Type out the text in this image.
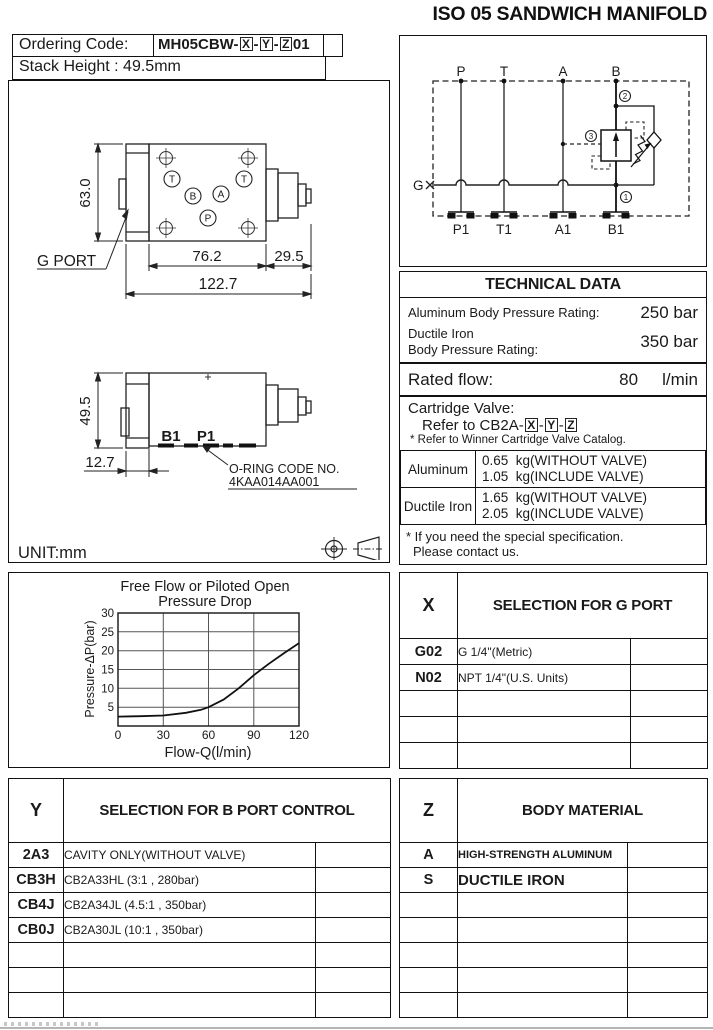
ISO 05 SANDWICH MANIFOLD
Ordering Code:	MH05CBW- X - Y - Z 01
Stack Height : 49.5mm
T	T
B A
P
63.0
76.2	29.5
122.7
G PORT
B1 P1
49.5
12.7	O-RING CODE NO.
4KAA014AA001
UNIT:mm
P	T	A	B
G
2
1
3
P1 T1	A1	B1
TECHNICAL DATA
Aluminum Body Pressure Rating: 250 bar
Ductile Iron
Body Pressure Rating:	350 bar
Rated flow:	80	l/min
Cartridge Valve:
Refer to CB2A- X - Y - Z
* Refer to Winner Cartridge Valve Catalog.
Aluminum	0.65  kg(WITHOUT VALVE)
1.05  kg(INCLUDE VALVE)

Ductile Iron	1.65  kg(WITHOUT VALVE)
2.05  kg(INCLUDE VALVE)
* If you need the special specification.
Please contact us.
Free Flow or Piloted Open
Pressure Drop
30
25
20
15
10
5
0	30	60	90 120
Pressure-ΔP(bar)
Flow-Q(l/min)
X	SELECTION FOR G PORT	
G02	G 1/4"(Metric)	
N02	NPT 1/4"(U.S. Units)	

Y	SELECTION FOR B PORT CONTROL	
2A3	CAVITY ONLY(WITHOUT VALVE)	
CB3H	CB2A33HL (3:1 , 280bar)	
CB4J	CB2A34JL (4.5:1 , 350bar)	
CB0J	CB2A30JL (10:1 , 350bar)	

Z	BODY MATERIAL	
A	HIGH-STRENGTH ALUMINUM	
S	DUCTILE IRON	
